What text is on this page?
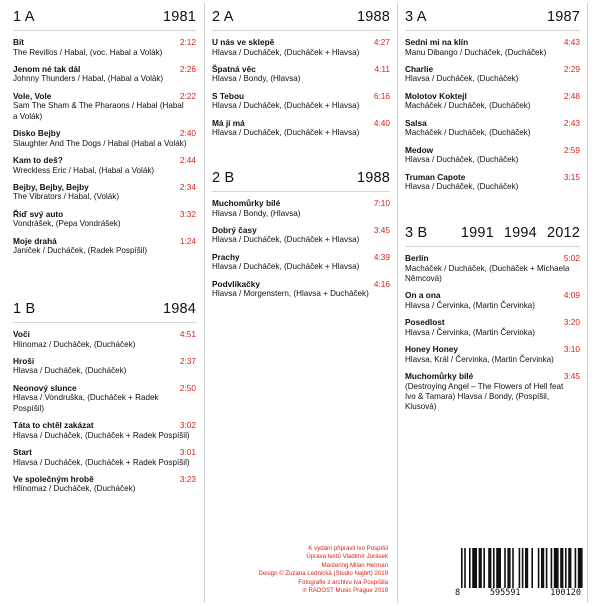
1 A	1981
Bít	2:12
The Revillos / Habal, (voc. Habal a Volák)
Jenom né tak dál	2:26
Johnny Thunders / Habal, (Habal a Volák)
Vole, Vole	2:22
Sam The Sham & The Pharaons / Habal (Habal a Volák)
Disko Bejby	2:40
Slaughter And The Dogs / Habal (Habal a Volák)
Kam to deš?	2:44
Wreckless Eric / Habal, (Habal a Volák)
Bejby, Bejby, Bejby	2:34
The Vibrators / Habal, (Volák)
Řiď svý auto	3:32
Vondrášek, (Pepa Vondrášek)
Moje drahá	1:24
Janiček / Ducháček, (Radek Pospíšil)
1 B	1984
Voči	4:51
Hlinomaz / Ducháček, (Ducháček)
Hroši	2:37
Hlavsa / Ducháček, (Ducháček)
Neonový slunce	2:50
Hlavsa / Vondruška, (Ducháček + Radek Pospíšil)
Táta to chtěl zakázat	3:02
Hlavsa / Ducháček, (Ducháček + Radek Pospíšil)
Start	3:01
Hlavsa / Ducháček, (Ducháček + Radek Pospíšil)
Ve společným hrobě	3:23
Hlinomaz / Ducháček, (Ducháček)
2 A	1988
U nás ve sklepě	4:27
Hlavsa / Ducháček, (Ducháček + Hlavsa)
Špatná věc	4:11
Hlavsa / Bondy, (Hlavsa)
S Tebou	6:16
Hlavsa / Ducháček, (Ducháček + Hlavsa)
Má jí má	4:40
Hlavsa / Ducháček, (Ducháček + Hlavsa)
2 B	1988
Muchomůrky bílé	7:10
Hlavsa / Bondy, (Hlavsa)
Dobrý časy	3:45
Hlavsa / Ducháček, (Ducháček + Hlavsa)
Prachy	4:39
Hlavsa / Ducháček, (Ducháček + Hlavsa)
Podvlíkačky	4:16
Hlavsa / Morgenstern, (Hlavsa + Ducháček)
3 A	1987
Sedni mi na klín	4:43
Manu Dibango / Ducháček, (Ducháček)
Charlie	2:29
Hlavsa / Ducháček, (Ducháček)
Molotov Koktejl	2:48
Macháček / Ducháček, (Ducháček)
Salsa	2:43
Macháček / Ducháček, (Ducháček)
Medow	2:59
Hlavsa / Ducháček, (Ducháček)
Truman Capote	3:15
Hlavsa / Ducháček, (Ducháček)
3 B 1991 1994 2012
Berlín	5:02
Macháček / Ducháček, (Ducháček + Michaela Němcová)
On a ona	4:09
Hlavsa / Červinka, (Martin Červinka)
Posedlost	3:20
Hlavsa / Červinka, (Martin Červinka)
Honey Honey	3:10
Hlavsa, Král / Červinka, (Martin Červinka)
Muchomůrky bílé	3:45
(Destroying Angel – The Flowers of Hell feat Ivo & Tamara) Hlavsa / Bondy, (Pospíšil, Klusová)
K vydání připravil Ivo Pospíšil
Úprava textů Vladimír Jurásek
Mastering Milan Herman
Design © Zuzana Lednická (Studio Najbrt) 2019
Fotografie z archivu Iva Pospíšila
℗ RADOST Music Prague 2019	8	595591	100120
